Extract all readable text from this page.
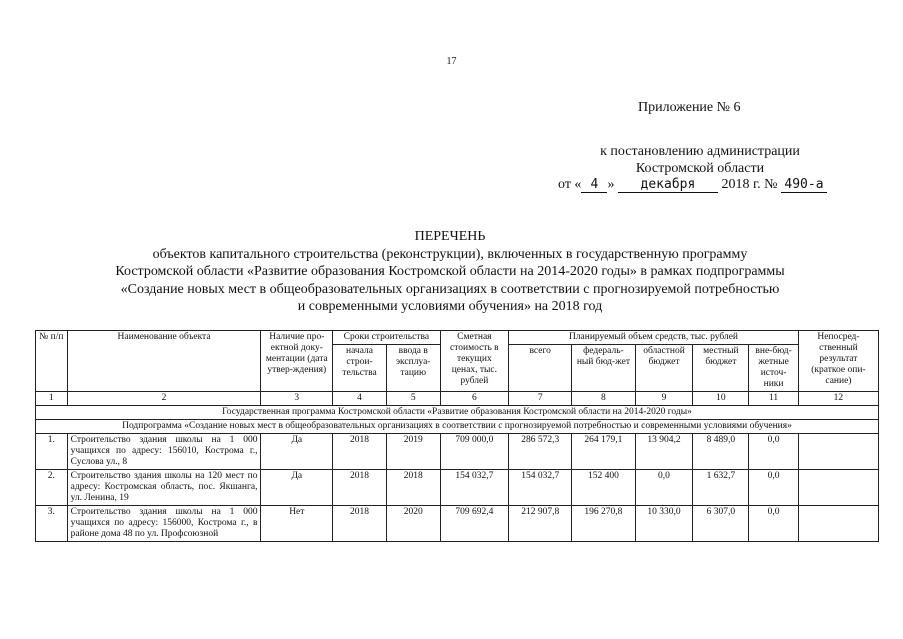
17
Приложение № 6
к постановлению администрации
Костромской области
от « 4 » декабря 2018 г. № 490-а
ПЕРЕЧЕНЬ
объектов капитального строительства (реконструкции), включенных в государственную программу
Костромской области «Развитие образования Костромской области на 2014-2020 годы» в рамках подпрограммы
«Создание новых мест в общеобразовательных организациях в соответствии с прогнозируемой потребностью
и современными условиями обучения» на 2018 год
№ п/п	Наименование объекта	Наличие про-ектной доку-ментации (дата утвер-ждения)	Сроки строительства		Сметная стоимость в текущих ценах, тыс. рублей	Планируемый объем средств, тыс. рублей					Непосред-ственный результат (краткое опи-сание)
			начала строи-тельства	ввода в эксплуа-тацию		всего	федераль-ный бюд-жет	областной бюджет	местный бюджет	вне-бюд-жетные источ-ники	
1	2	3	4	5	6	7	8	9	10	11	12
Государственная программа Костромской области «Развитие образования Костромской области на 2014-2020 годы»											
Подпрограмма «Создание новых мест в общеобразовательных организациях в соответствии с прогнозируемой потребностью и современными условиями обучения»											
1.	Строительство здания школы на 1 000 учащихся по адресу: 156010, Кострома г., Суслова ул., 8	Да	2018	2019	709 000,0	286 572,3	264 179,1	13 904,2	8 489,0	0,0	
2.	Строительство здания школы на 120 мест по адресу: Костромская область, пос. Якшанга, ул. Ленина, 19	Да	2018	2018	154 032,7	154 032,7	152 400	0,0	1 632,7	0,0	
3.	Строительство здания школы на 1 000 учащихся по адресу: 156000, Кострома г., в районе дома 48 по ул. Профсоюзной	Нет	2018	2020	709 692,4	212 907,8	196 270,8	10 330,0	6 307,0	0,0	
